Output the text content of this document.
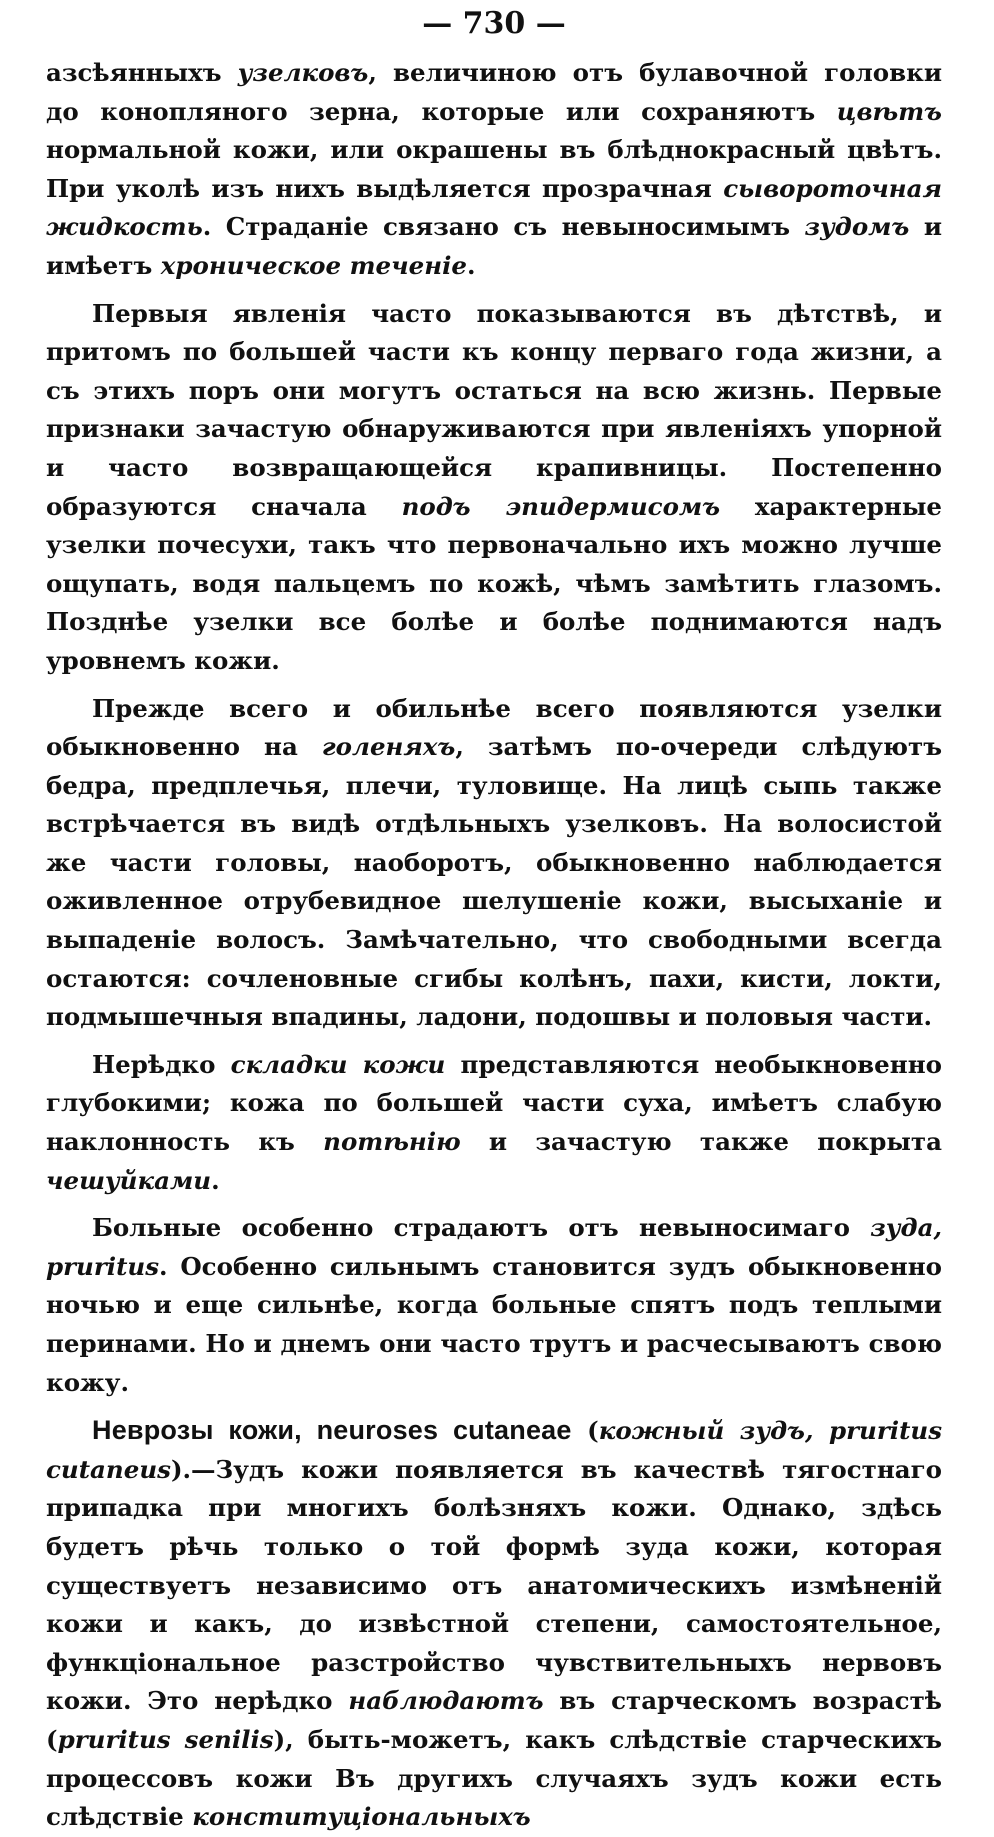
— 730 —

азсѣянныхъ узелковъ, величиною отъ булавочной головки до конопляного зерна, которые или сохраняютъ цвѣтъ нормальной кожи, или окрашены въ блѣднокрасный цвѣтъ. При уколѣ изъ нихъ выдѣляется прозрачная сывороточная жидкость. Страданіе связано съ невыносимымъ зудомъ и имѣетъ хроническое теченіе.

Первыя явленія часто показываются въ дѣтствѣ, и притомъ по большей части къ концу перваго года жизни, а съ этихъ поръ они могутъ остаться на всю жизнь. Первые признаки зачастую обнаруживаются при явленіяхъ упорной и часто возвращающейся крапивницы. Постепенно образуются сначала подъ эпидермисомъ характерные узелки почесухи, такъ что первоначально ихъ можно лучше ощупать, водя пальцемъ по кожѣ, чѣмъ замѣтить глазомъ. Позднѣе узелки все болѣе и болѣе поднимаются надъ уровнемъ кожи.

Прежде всего и обильнѣе всего появляются узелки обыкновенно на голеняхъ, затѣмъ по-очереди слѣдуютъ бедра, предплечья, плечи, туловище. На лицѣ сыпь также встрѣчается въ видѣ отдѣльныхъ узелковъ. На волосистой же части головы, наоборотъ, обыкновенно наблюдается оживленное отрубевидное шелушеніе кожи, высыханіе и выпаденіе волосъ. Замѣчательно, что свободными всегда остаются: сочленовные сгибы колѣнъ, пахи, кисти, локти, подмышечныя впадины, ладони, подошвы и половыя части.

Нерѣдко складки кожи представляются необыкновенно глубокими; кожа по большей части суха, имѣетъ слабую наклонность къ потѣнію и зачастую также покрыта чешуйками.

Больные особенно страдаютъ отъ невыносимаго зуда, pruritus. Особенно сильнымъ становится зудъ обыкновенно ночью и еще сильнѣе, когда больные спятъ подъ теплыми перинами. Но и днемъ они часто трутъ и расчесываютъ свою кожу.

Неврозы кожи, neuroses cutaneae (кожный зудъ, pruritus cutaneus).—Зудъ кожи появляется въ качествѣ тягостнаго припадка при многихъ болѣзняхъ кожи. Однако, здѣсь будетъ рѣчь только о той формѣ зуда кожи, которая существуетъ независимо отъ анатомическихъ измѣненій кожи и какъ, до извѣстной степени, самостоятельное, функціональное разстройство чувствительныхъ нервовъ кожи. Это нерѣдко наблюдаютъ въ старческомъ возрастѣ (pruritus senilis), быть-можетъ, какъ слѣдствіе старческихъ процессовъ кожи Въ другихъ случаяхъ зудъ кожи есть слѣдствіе конституціональныхъ
